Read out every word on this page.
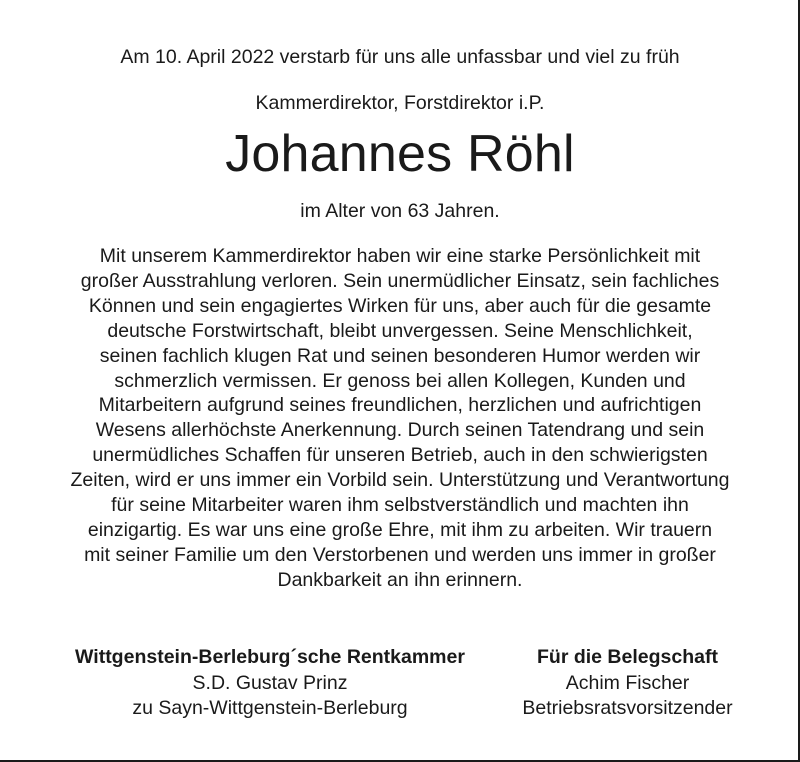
Am 10. April 2022 verstarb für uns alle unfassbar und viel zu früh
Kammerdirektor, Forstdirektor i.P.
Johannes Röhl
im Alter von 63 Jahren.
Mit unserem Kammerdirektor haben wir eine starke Persönlichkeit mit
großer Ausstrahlung verloren. Sein unermüdlicher Einsatz, sein fachliches
Können und sein engagiertes Wirken für uns, aber auch für die gesamte
deutsche Forstwirtschaft, bleibt unvergessen. Seine Menschlichkeit,
seinen fachlich klugen Rat und seinen besonderen Humor werden wir
schmerzlich vermissen. Er genoss bei allen Kollegen, Kunden und
Mitarbeitern aufgrund seines freundlichen, herzlichen und aufrichtigen
Wesens allerhöchste Anerkennung. Durch seinen Tatendrang und sein
unermüdliches Schaffen für unseren Betrieb, auch in den schwierigsten
Zeiten, wird er uns immer ein Vorbild sein. Unterstützung und Verantwortung
für seine Mitarbeiter waren ihm selbstverständlich und machten ihn
einzigartig. Es war uns eine große Ehre, mit ihm zu arbeiten. Wir trauern
mit seiner Familie um den Verstorbenen und werden uns immer in großer
Dankbarkeit an ihn erinnern.
Wittgenstein-Berleburg´sche Rentkammer
S.D. Gustav Prinz
zu Sayn-Wittgenstein-Berleburg
Für die Belegschaft
Achim Fischer
Betriebsratsvorsitzender
